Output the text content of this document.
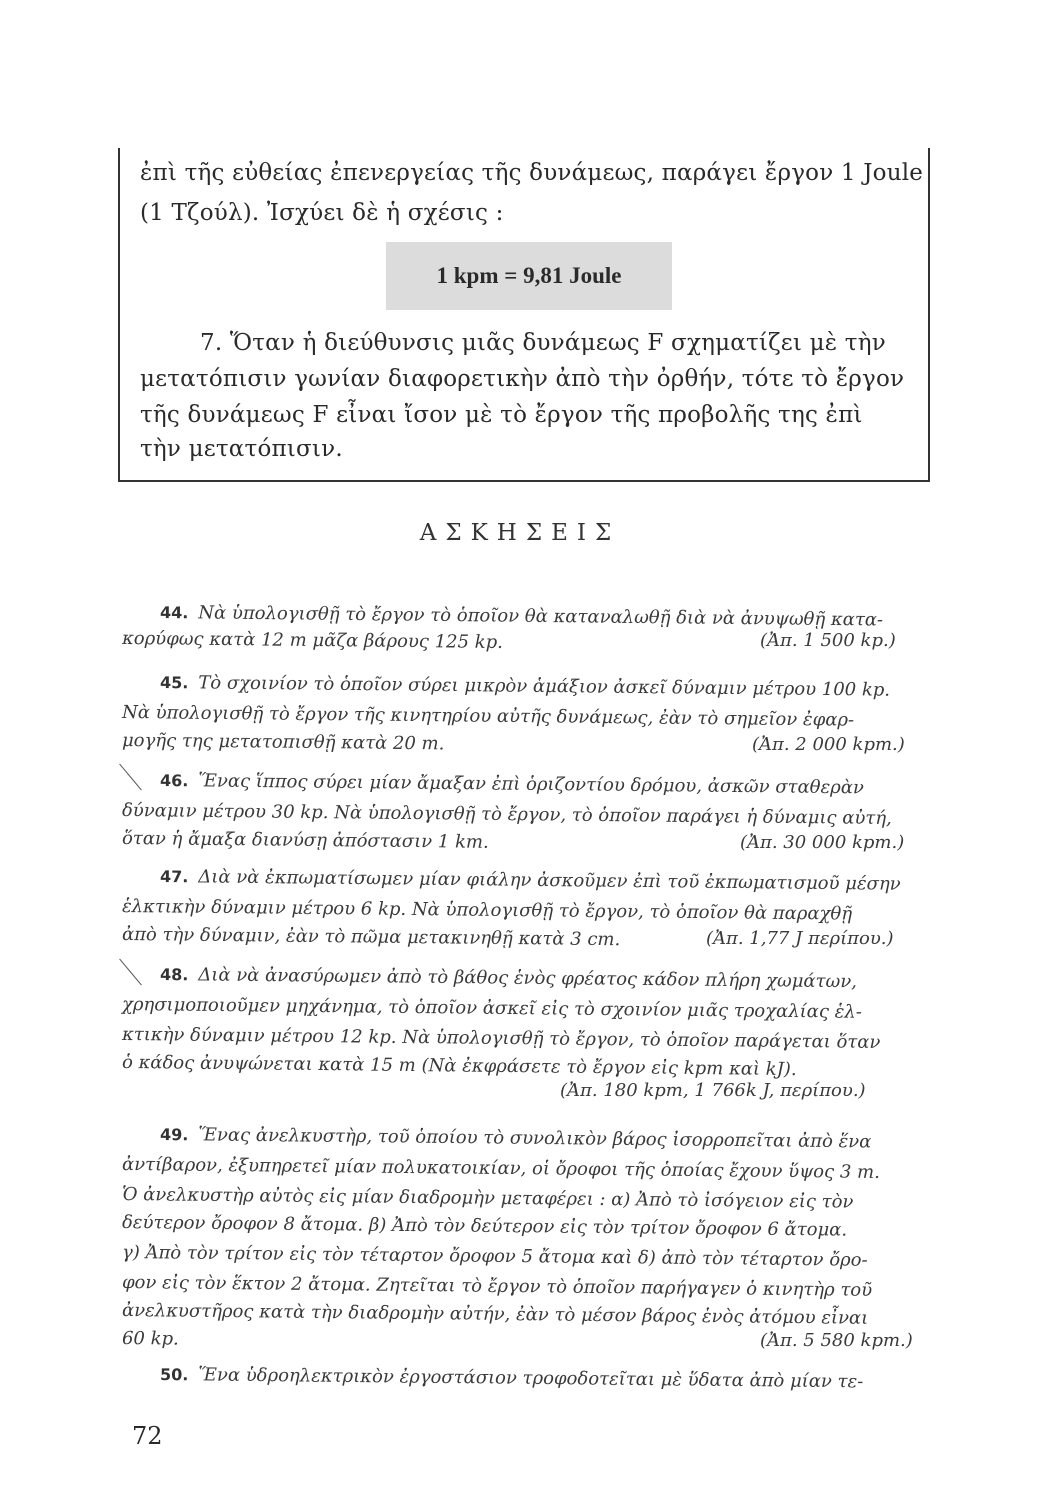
ἐπὶ τῆς εὐθείας ἐπενεργείας τῆς δυνάμεως, παράγει ἔργον 1 Joule
(1 Τζούλ). Ἰσχύει δὲ ἡ σχέσις :
1 kpm = 9,81 Joule
7. Ὅταν ἡ διεύθυνσις μιᾶς δυνάμεως F σχηματίζει μὲ τὴν
μετατόπισιν γωνίαν διαφορετικὴν ἀπὸ τὴν ὀρθήν, τότε τὸ ἔργον
τῆς δυνάμεως F εἶναι ἴσον μὲ τὸ ἔργον τῆς προβολῆς της ἐπὶ
τὴν μετατόπισιν.
ΑΣΚΗΣΕΙΣ
44. Νὰ ὑπολογισθῇ τὸ ἔργον τὸ ὁποῖον θὰ καταναλωθῇ διὰ νὰ ἀνυψωθῇ κατα-
κορύφως κατὰ 12 m μᾶζα βάρους 125 kp.	(Ἀπ. 1 500 kp.)
45. Τὸ σχοινίον τὸ ὁποῖον σύρει μικρὸν ἁμάξιον ἀσκεῖ δύναμιν μέτρου 100 kp.
Νὰ ὑπολογισθῇ τὸ ἔργον τῆς κινητηρίου αὐτῆς δυνάμεως, ἐὰν τὸ σημεῖον ἐφαρ-
μογῆς της μετατοπισθῇ κατὰ 20 m.	(Ἀπ. 2 000 kpm.)
46. Ἕνας ἵππος σύρει μίαν ἄμαξαν ἐπὶ ὁριζοντίου δρόμου, ἀσκῶν σταθερὰν
δύναμιν μέτρου 30 kp. Νὰ ὑπολογισθῇ τὸ ἔργον, τὸ ὁποῖον παράγει ἡ δύναμις αὐτή,
ὅταν ἡ ἄμαξα διανύσῃ ἀπόστασιν 1 km.	(Ἀπ. 30 000 kpm.)
47. Διὰ νὰ ἐκπωματίσωμεν μίαν φιάλην ἀσκοῦμεν ἐπὶ τοῦ ἐκπωματισμοῦ μέσην
ἑλκτικὴν δύναμιν μέτρου 6 kp. Νὰ ὑπολογισθῇ τὸ ἔργον, τὸ ὁποῖον θὰ παραχθῇ
ἀπὸ τὴν δύναμιν, ἐὰν τὸ πῶμα μετακινηθῇ κατὰ 3 cm.	(Ἀπ. 1,77 J περίπου.)
48. Διὰ νὰ ἀνασύρωμεν ἀπὸ τὸ βάθος ἑνὸς φρέατος κάδον πλήρη χωμάτων,
χρησιμοποιοῦμεν μηχάνημα, τὸ ὁποῖον ἀσκεῖ εἰς τὸ σχοινίον μιᾶς τροχαλίας ἑλ-
κτικὴν δύναμιν μέτρου 12 kp. Νὰ ὑπολογισθῇ τὸ ἔργον, τὸ ὁποῖον παράγεται ὅταν
ὁ κάδος ἀνυψώνεται κατὰ 15 m (Νὰ ἐκφράσετε τὸ ἔργον εἰς kpm καὶ kJ).
(Ἀπ. 180 kpm, 1 766k J, περίπου.)
49. Ἕνας ἀνελκυστὴρ, τοῦ ὁποίου τὸ συνολικὸν βάρος ἰσορροπεῖται ἀπὸ ἕνα
ἀντίβαρον, ἐξυπηρετεῖ μίαν πολυκατοικίαν, οἱ ὄροφοι τῆς ὁποίας ἔχουν ὕψος 3 m.
Ὁ ἀνελκυστὴρ αὐτὸς εἰς μίαν διαδρομὴν μεταφέρει : α) Ἀπὸ τὸ ἰσόγειον εἰς τὸν
δεύτερον ὄροφον 8 ἄτομα. β) Ἀπὸ τὸν δεύτερον εἰς τὸν τρίτον ὄροφον 6 ἄτομα.
γ) Ἀπὸ τὸν τρίτον εἰς τὸν τέταρτον ὄροφον 5 ἄτομα καὶ δ) ἀπὸ τὸν τέταρτον ὄρο-
φον εἰς τὸν ἕκτον 2 ἄτομα. Ζητεῖται τὸ ἔργον τὸ ὁποῖον παρήγαγεν ὁ κινητὴρ τοῦ
ἀνελκυστῆρος κατὰ τὴν διαδρομὴν αὐτήν, ἐὰν τὸ μέσον βάρος ἑνὸς ἀτόμου εἶναι
60 kp.	(Ἀπ. 5 580 kpm.)
50. Ἕνα ὑδροηλεκτρικὸν ἐργοστάσιον τροφοδοτεῖται μὲ ὕδατα ἀπὸ μίαν τε-
72
